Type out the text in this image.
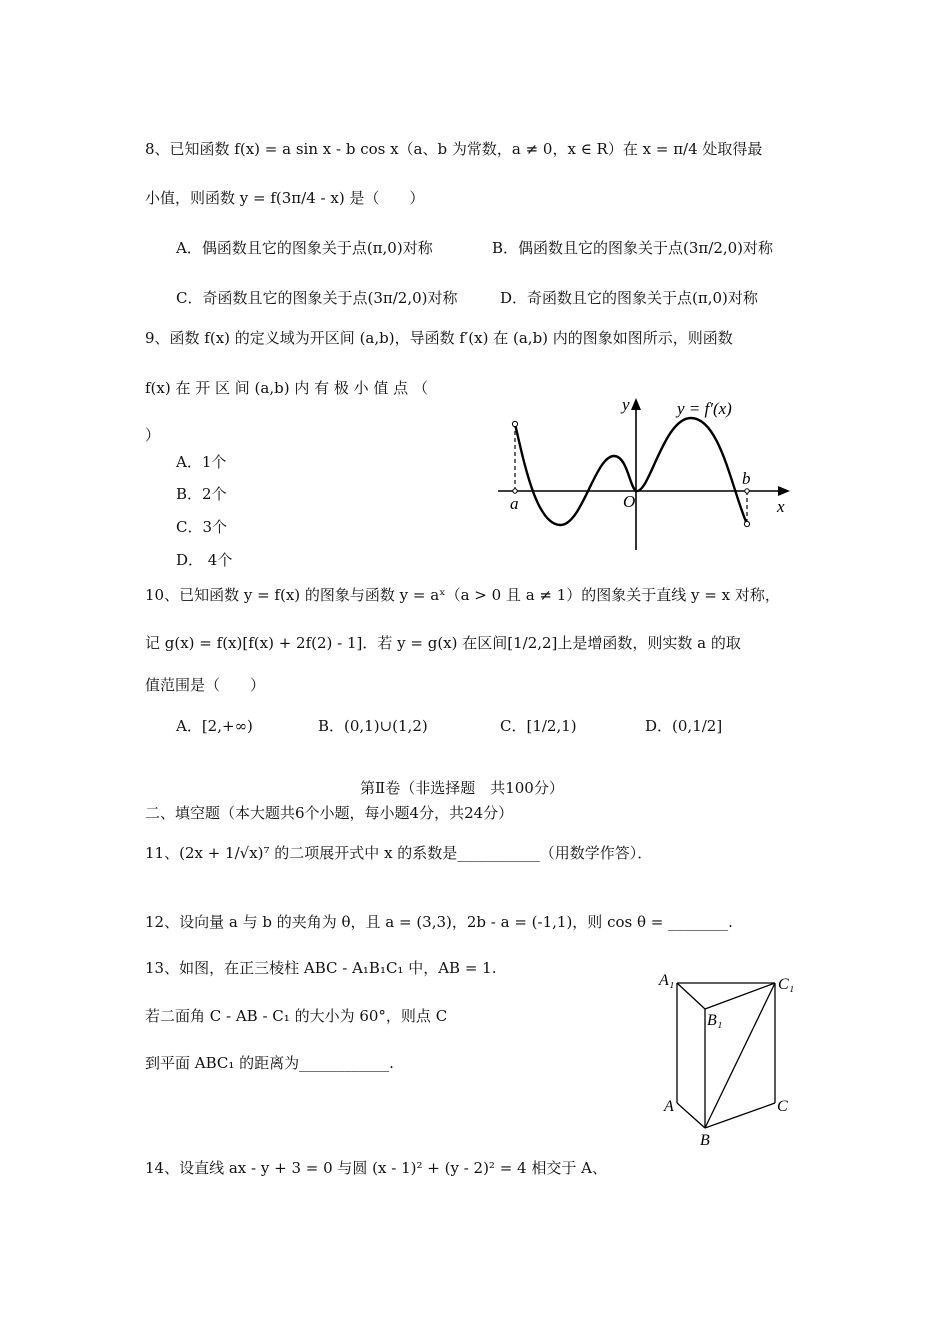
8、已知函数 f(x) = a sin x - b cos x（a、b 为常数，a ≠ 0，x ∈ R）在 x = π/4 处取得最
小值，则函数 y = f(3π/4 - x) 是（　　）
A．偶函数且它的图象关于点(π,0)对称	B．偶函数且它的图象关于点(3π/2,0)对称
C．奇函数且它的图象关于点(3π/2,0)对称	D．奇函数且它的图象关于点(π,0)对称
9、函数 f(x) 的定义域为开区间 (a,b)，导函数 f′(x) 在 (a,b) 内的图象如图所示，则函数
f(x) 在 开 区 间 (a,b) 内 有 极 小 值 点 （
）
A．1个
B．2个
C．3个
D． 4个
y
x
O
a
b
y = f′(x)
10、已知函数 y = f(x) 的图象与函数 y = aˣ（a > 0 且 a ≠ 1）的图象关于直线 y = x 对称，
记 g(x) = f(x)[f(x) + 2f(2) - 1]．若 y = g(x) 在区间[1/2,2]上是增函数，则实数 a 的取
值范围是（　　）
A．[2,+∞)	B．(0,1)∪(1,2)	C．[1/2,1)	D．(0,1/2]
第Ⅱ卷（非选择题　共100分）
二、填空题（本大题共6个小题，每小题4分，共24分）
11、(2x + 1/√x)⁷ 的二项展开式中 x 的系数是___________（用数学作答）．
12、设向量 a 与 b 的夹角为 θ，且 a = (3,3)，2b - a = (-1,1)，则 cos θ = ________.
13、如图，在正三棱柱 ABC - A₁B₁C₁ 中，AB = 1.
若二面角 C - AB - C₁ 的大小为 60°，则点 C
到平面 ABC₁ 的距离为____________.
A₁	C₁
B₁
A	C
B
14、设直线 ax - y + 3 = 0 与圆 (x - 1)² + (y - 2)² = 4 相交于 A、
